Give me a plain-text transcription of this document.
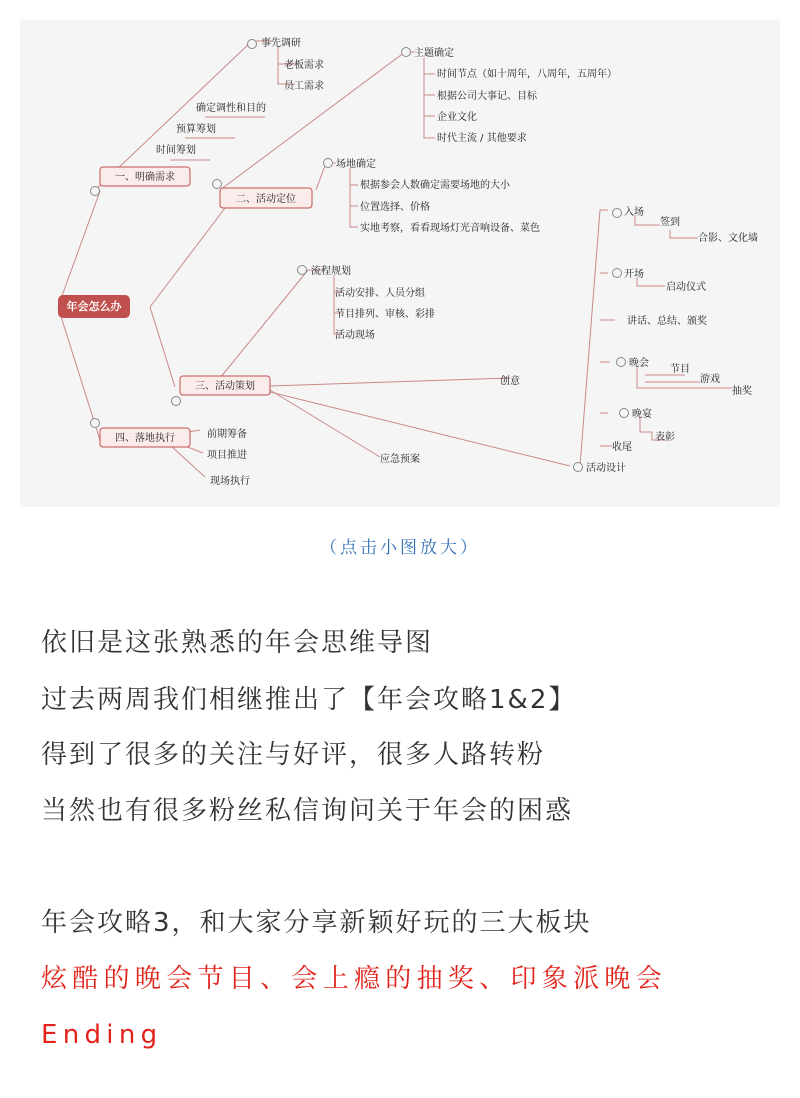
年会怎么办
一、明确需求
二、活动定位
三、活动策划
四、落地执行
确定调性和目的
预算筹划
时间筹划
事先调研
老板需求
员工需求
主题确定
时间节点（如十周年，八周年，五周年）
根据公司大事记、目标
企业文化
时代主流 / 其他要求
场地确定
根据参会人数确定需要场地的大小
位置选择、价格
实地考察，看看现场灯光音响设备、菜色
流程规划
活动安排、人员分组
节目排列、审核、彩排
活动现场
创意
应急预案
活动设计
入场
签到
合影、文化墙
开场
启动仪式
讲话、总结、颁奖
晚会
节目
游戏
抽奖
晚宴
表彰
收尾
前期筹备
项目推进
现场执行
（点击小图放大）
依旧是这张熟悉的年会思维导图
过去两周我们相继推出了【年会攻略1&2】
得到了很多的关注与好评，很多人路转粉
当然也有很多粉丝私信询问关于年会的困惑
年会攻略3，和大家分享新颖好玩的三大板块
炫酷的晚会节目、会上瘾的抽奖、印象派晚会
Ending
